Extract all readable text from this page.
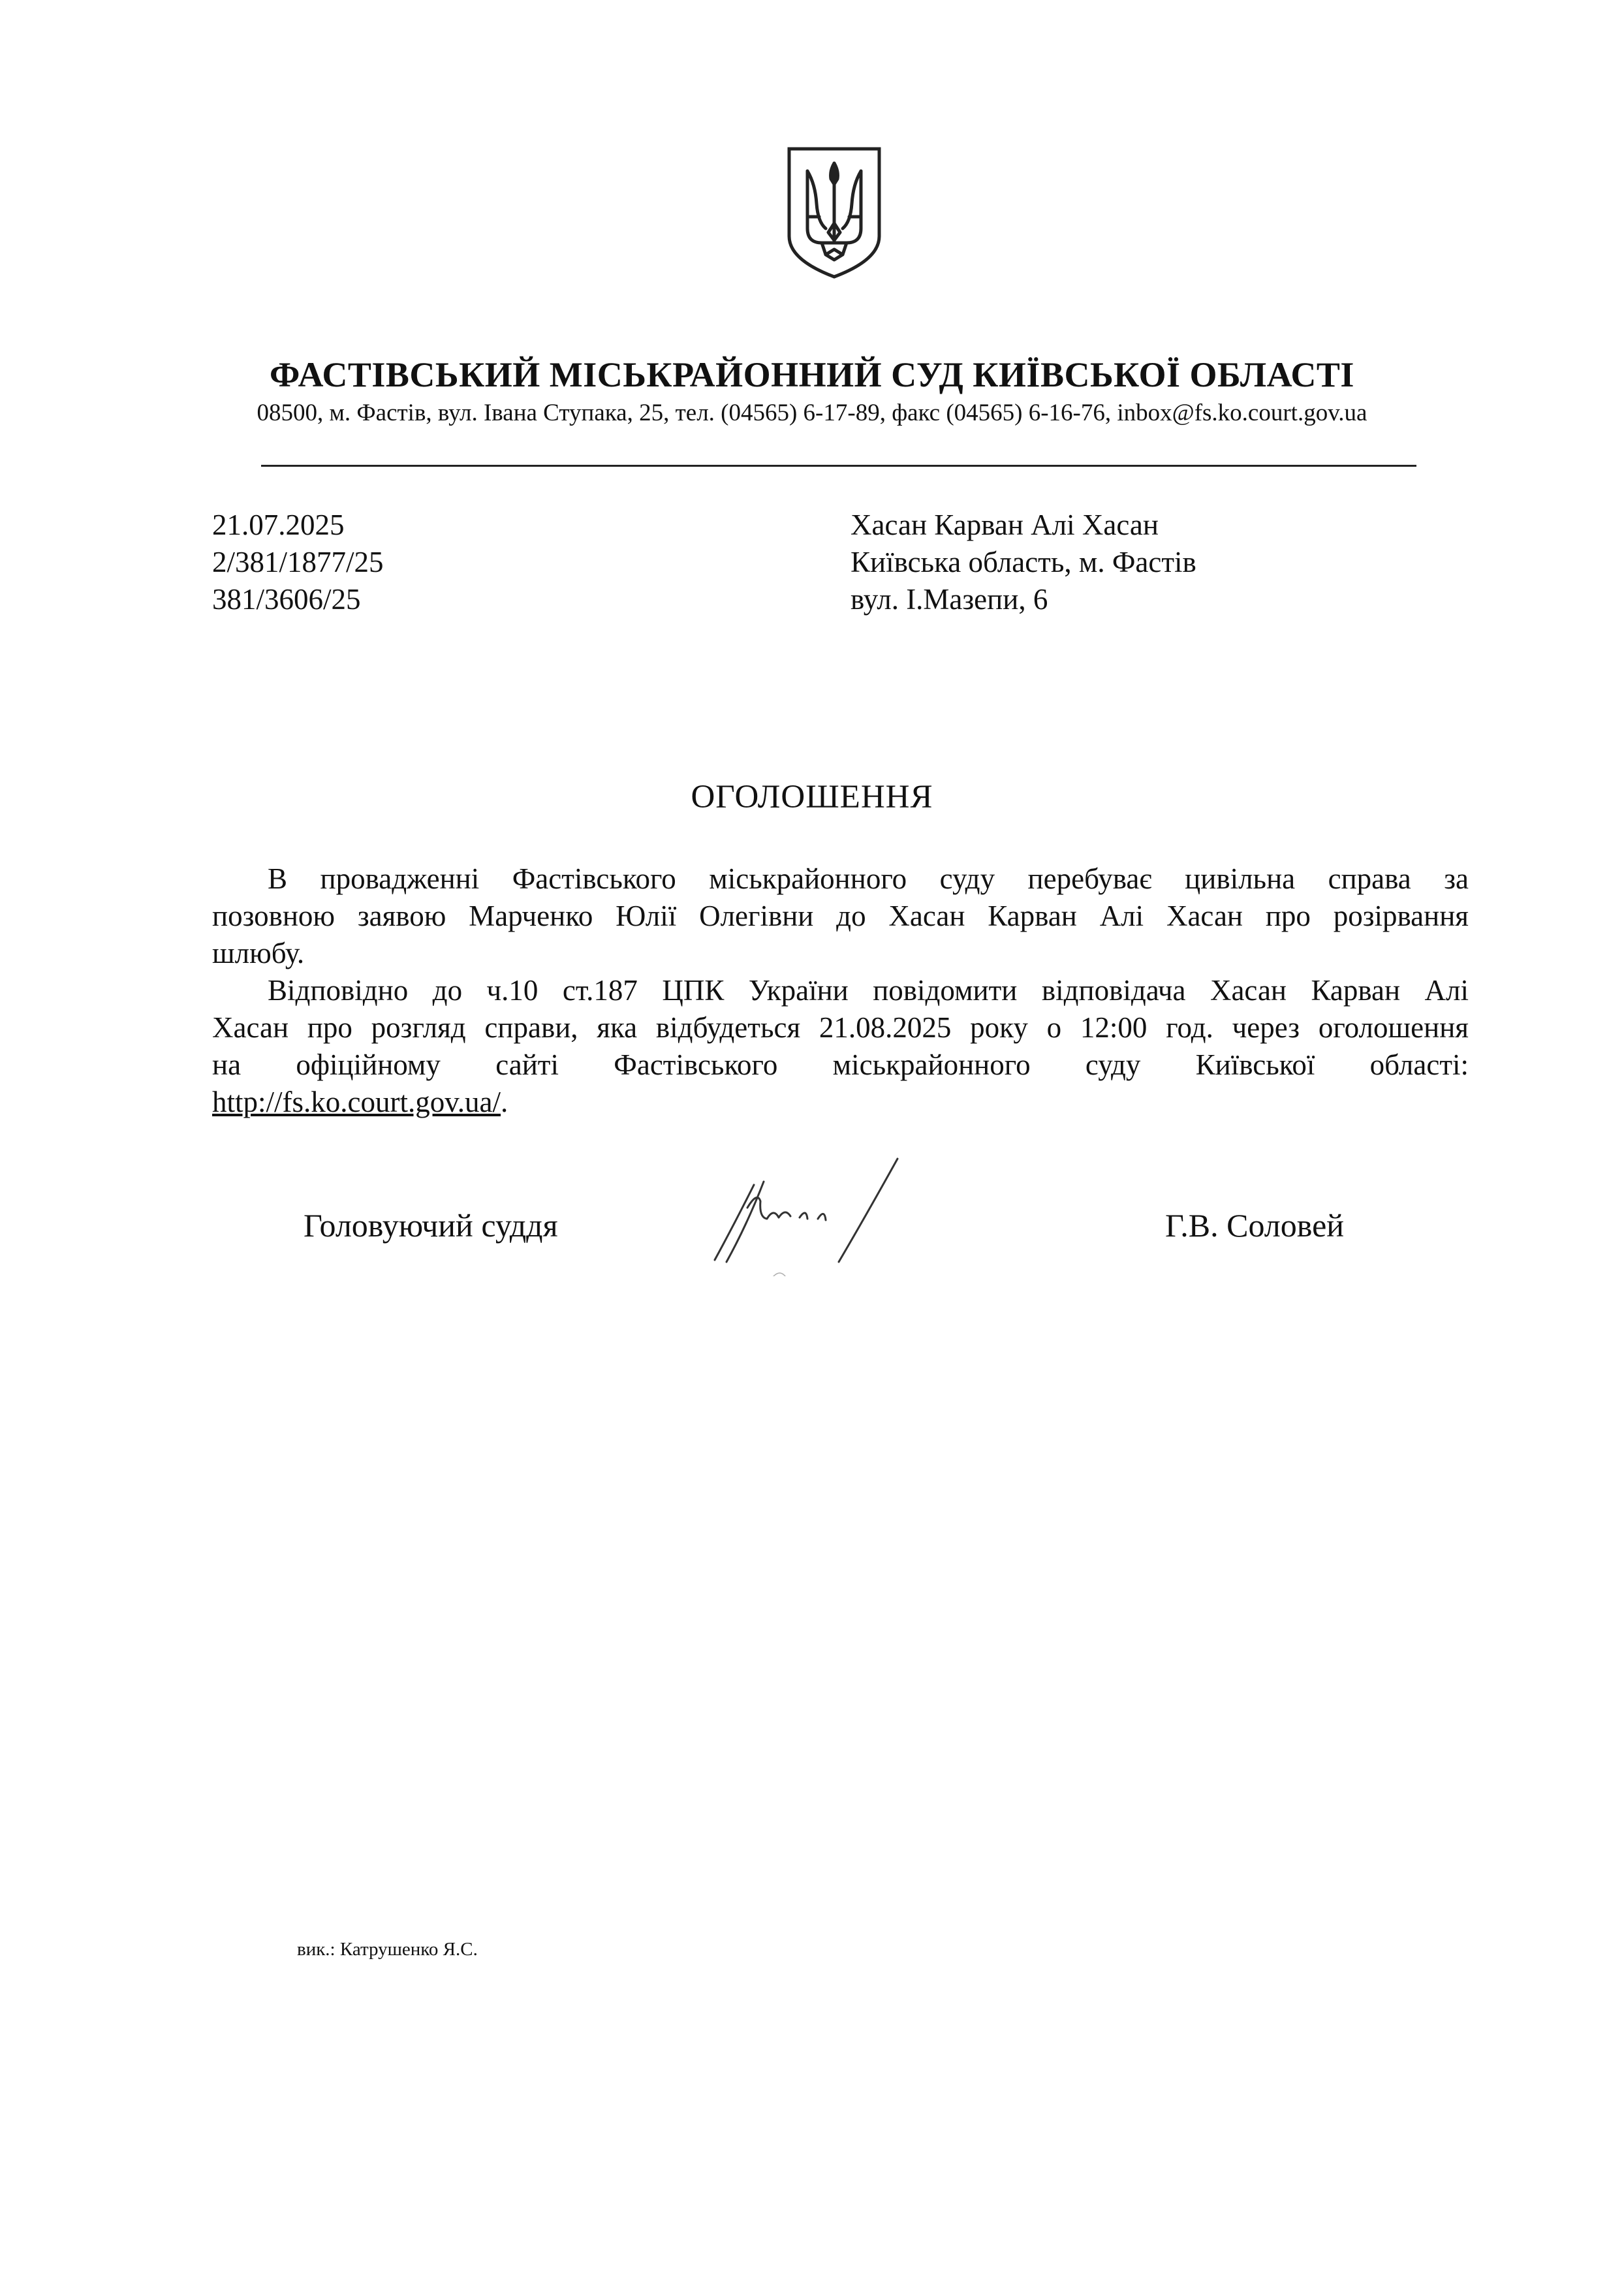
ФАСТІВСЬКИЙ МІСЬКРАЙОННИЙ СУД КИЇВСЬКОЇ ОБЛАСТІ
08500, м. Фастів, вул. Івана Ступака, 25, тел. (04565) 6-17-89, факс (04565) 6-16-76, inbox@fs.ko.court.gov.ua
21.07.2025
2/381/1877/25
381/3606/25
Хасан Карван Алі Хасан
Київська область, м. Фастів
вул. І.Мазепи, 6
ОГОЛОШЕННЯ

В провадженні Фастівського міськрайонного суду перебуває цивільна справа за

позовною заявою Марченко Юлії Олегівни до Хасан Карван Алі Хасан про розірвання

шлюбу.

Відповідно до ч.10 ст.187 ЦПК України повідомити відповідача Хасан Карван Алі

Хасан про розгляд справи, яка відбудеться 21.08.2025 року о 12:00 год. через оголошення

на офіційному сайті Фастівського міськрайонного суду Київської області:

http://fs.ko.court.gov.ua/.

Головуючий суддя	Г.В. Соловей
вик.: Катрушенко Я.С.
